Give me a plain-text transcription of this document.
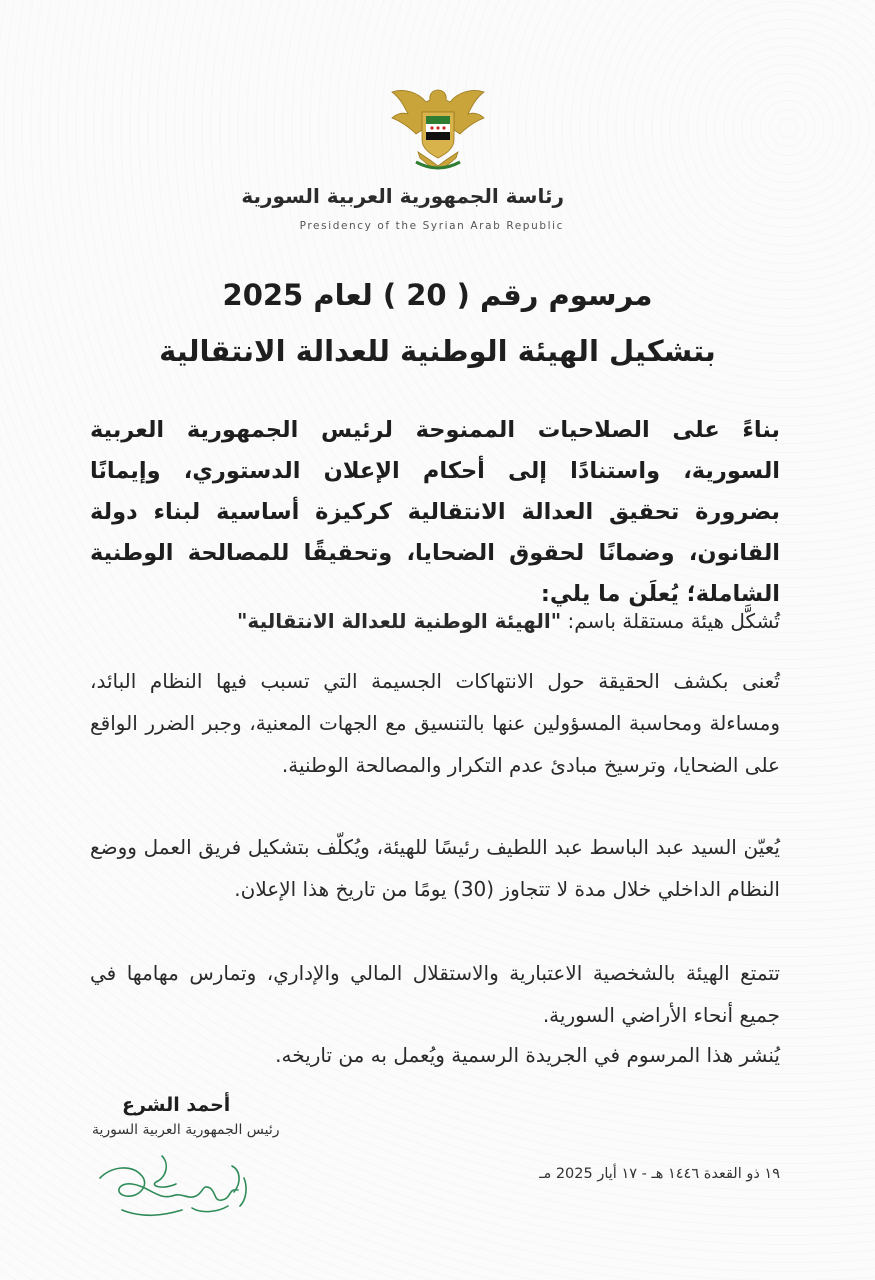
رئاسة الجمهورية العربية السورية
Presidency of the Syrian Arab Republic
مرسوم رقم ( 20 ) لعام 2025
بتشكيل الهيئة الوطنية للعدالة الانتقالية
بناءً على الصلاحيات الممنوحة لرئيس الجمهورية العربية السورية، واستنادًا إلى أحكام الإعلان الدستوري، وإيمانًا بضرورة تحقيق العدالة الانتقالية كركيزة أساسية لبناء دولة القانون، وضمانًا لحقوق الضحايا، وتحقيقًا للمصالحة الوطنية الشاملة؛ يُعلَن ما يلي:
تُشكَّل هيئة مستقلة باسم: "الهيئة الوطنية للعدالة الانتقالية"
تُعنى بكشف الحقيقة حول الانتهاكات الجسيمة التي تسبب فيها النظام البائد، ومساءلة ومحاسبة المسؤولين عنها بالتنسيق مع الجهات المعنية، وجبر الضرر الواقع على الضحايا، وترسيخ مبادئ عدم التكرار والمصالحة الوطنية.
يُعيّن السيد عبد الباسط عبد اللطيف رئيسًا للهيئة، ويُكلّف بتشكيل فريق العمل ووضع النظام الداخلي خلال مدة لا تتجاوز (30) يومًا من تاريخ هذا الإعلان.
تتمتع الهيئة بالشخصية الاعتبارية والاستقلال المالي والإداري، وتمارس مهامها في جميع أنحاء الأراضي السورية.
يُنشر هذا المرسوم في الجريدة الرسمية ويُعمل به من تاريخه.
أحمد الشرع
رئيس الجمهورية العربية السورية
١٩ ذو القعدة ١٤٤٦ هـ - ١٧ أيار 2025 مـ
